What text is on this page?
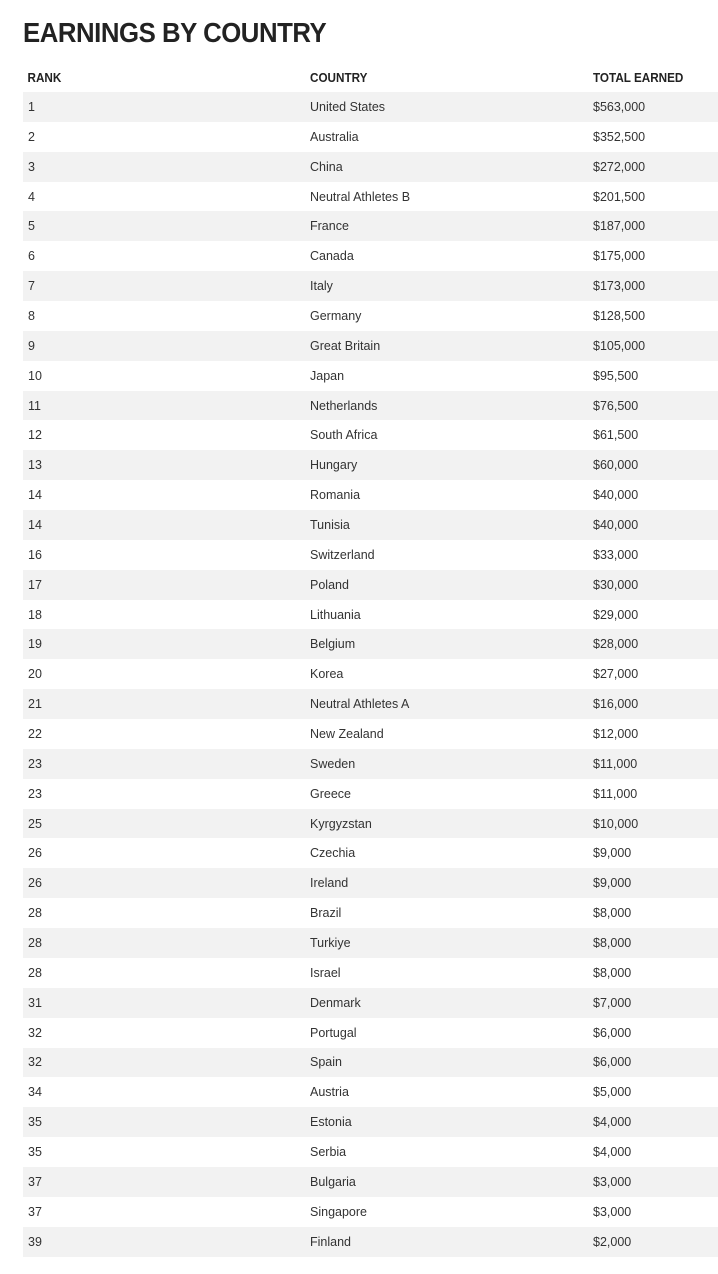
EARNINGS BY COUNTRY
RANK	COUNTRY	TOTAL EARNED
1	United States	$563,000
2	Australia	$352,500
3	China	$272,000
4	Neutral Athletes B	$201,500
5	France	$187,000
6	Canada	$175,000
7	Italy	$173,000
8	Germany	$128,500
9	Great Britain	$105,000
10	Japan	$95,500
11	Netherlands	$76,500
12	South Africa	$61,500
13	Hungary	$60,000
14	Romania	$40,000
14	Tunisia	$40,000
16	Switzerland	$33,000
17	Poland	$30,000
18	Lithuania	$29,000
19	Belgium	$28,000
20	Korea	$27,000
21	Neutral Athletes A	$16,000
22	New Zealand	$12,000
23	Sweden	$11,000
23	Greece	$11,000
25	Kyrgyzstan	$10,000
26	Czechia	$9,000
26	Ireland	$9,000
28	Brazil	$8,000
28	Turkiye	$8,000
28	Israel	$8,000
31	Denmark	$7,000
32	Portugal	$6,000
32	Spain	$6,000
34	Austria	$5,000
35	Estonia	$4,000
35	Serbia	$4,000
37	Bulgaria	$3,000
37	Singapore	$3,000
39	Finland	$2,000
